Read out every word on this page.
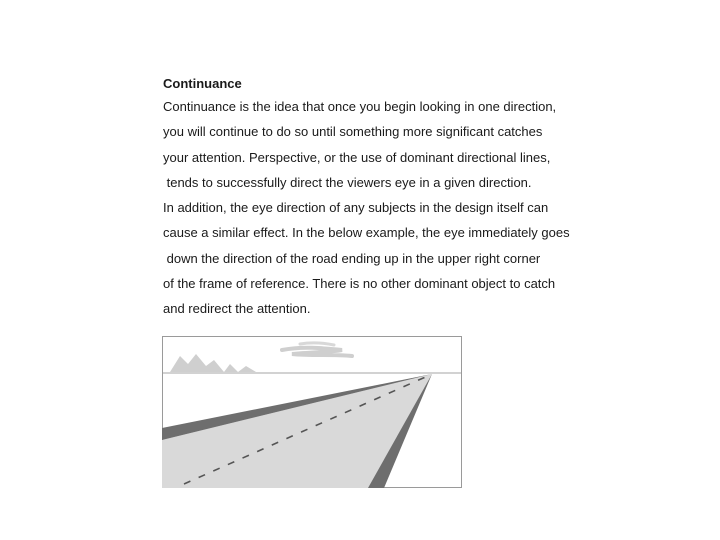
Continuance

Continuance is the idea that once you begin looking in one direction,
you will continue to do so until something more significant catches
your attention. Perspective, or the use of dominant directional lines,
tends to successfully direct the viewers eye in a given direction.
In addition, the eye direction of any subjects in the design itself can
cause a similar effect. In the below example, the eye immediately goes
down the direction of the road ending up in the upper right corner
of the frame of reference. There is no other dominant object to catch
and redirect the attention.
